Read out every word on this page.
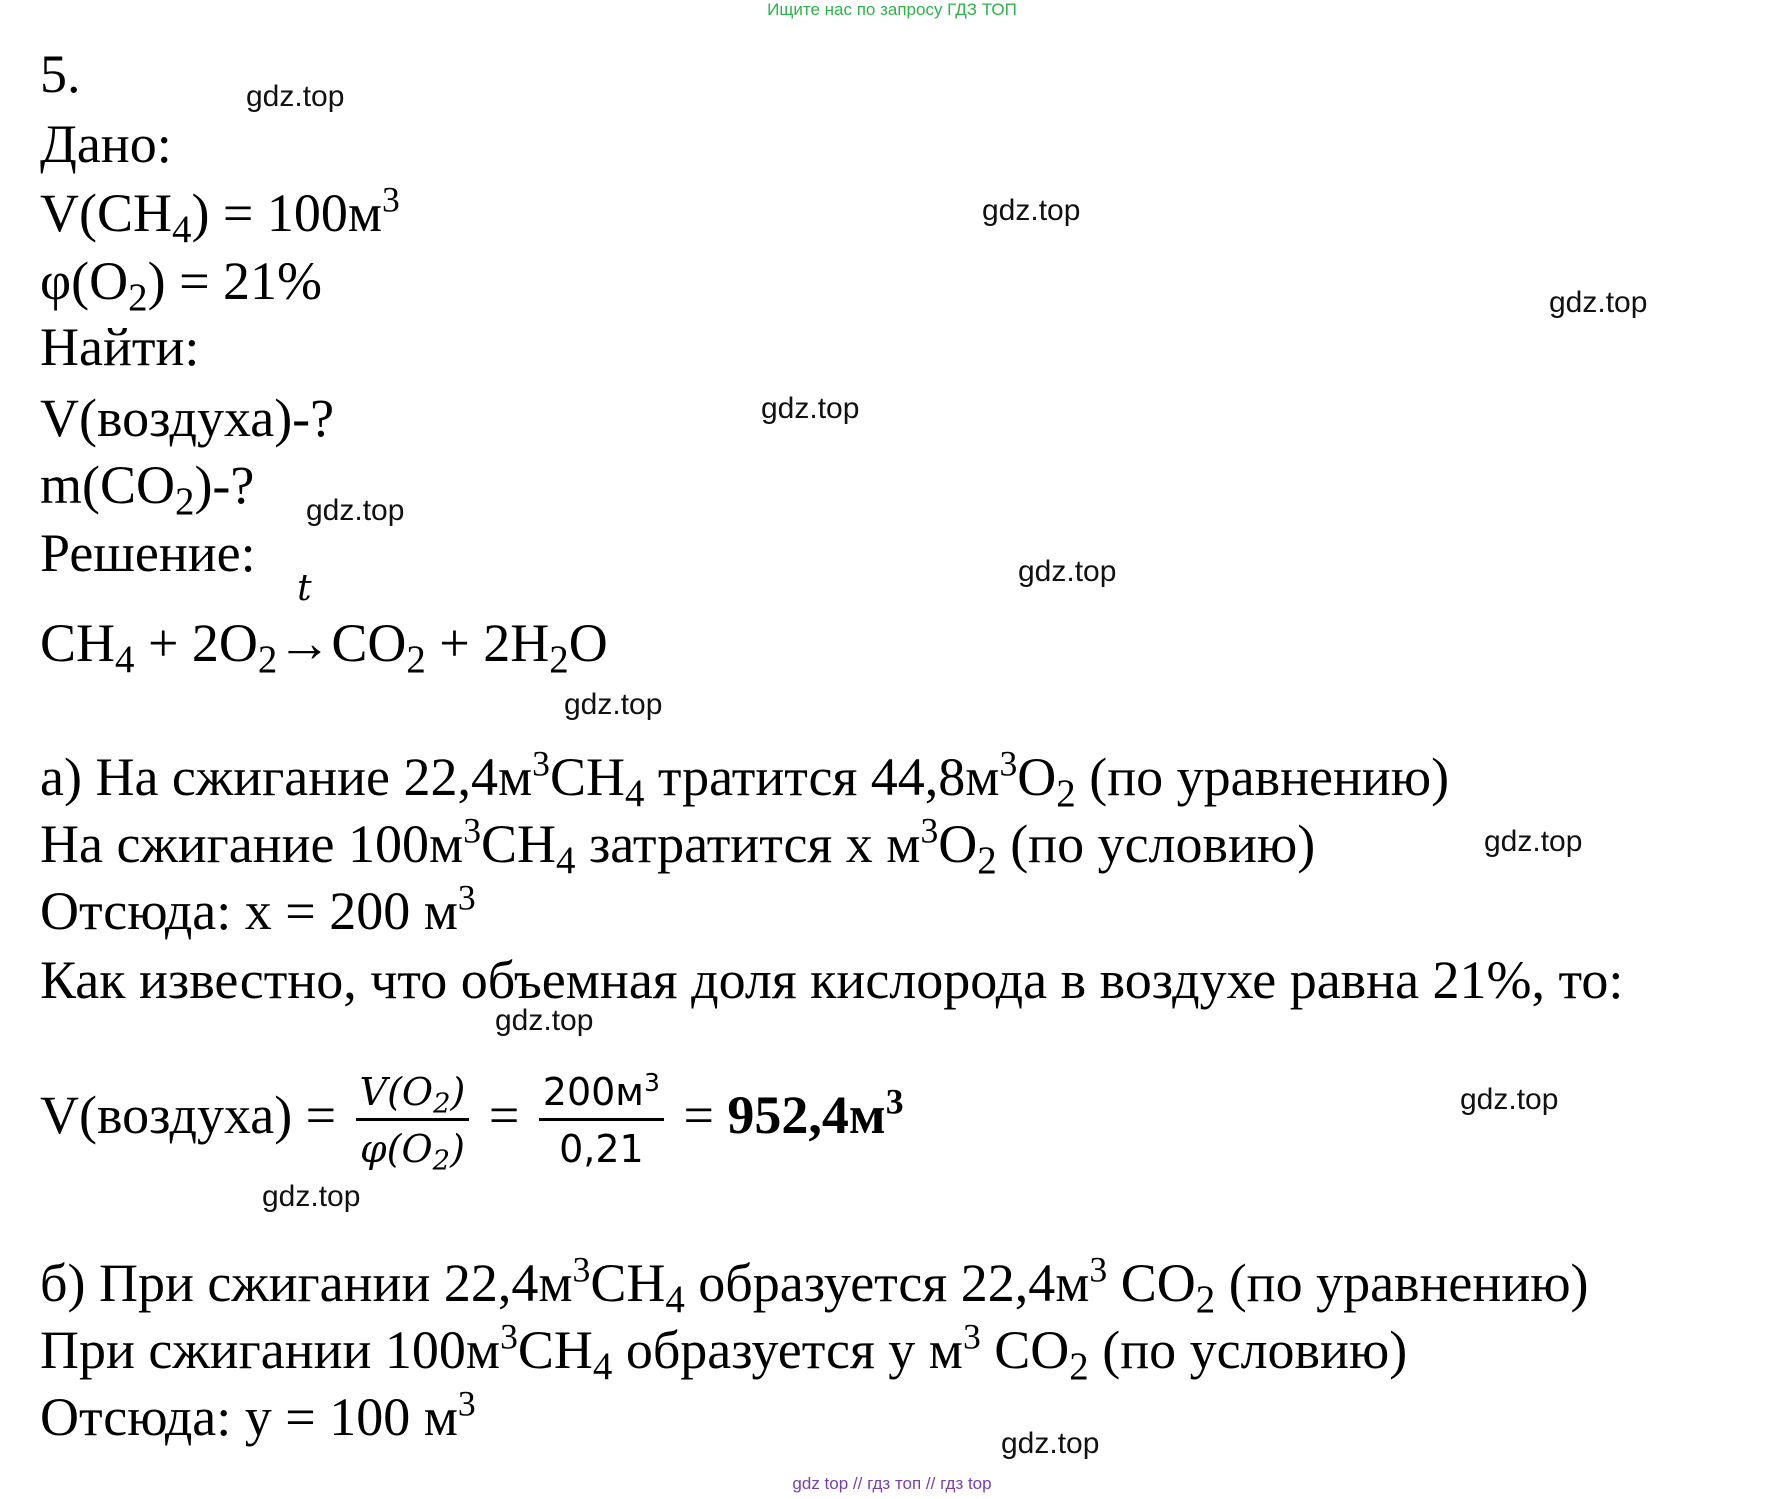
Ищите нас по запросу ГДЗ ТОП
5.
Дано:
$V(CH_4) = 100м^3$
$\varphi(O_2) = 21\%$
Найти:
V(воздуха)-?
$m(CO_2)-$?
Решение:
$CH_4 + 2O_2$
t
$\to CO_2 + 2H_2O$
а) На сжигание $22,4м^3CH_4$ тратится $44,8м^3O_2$ (по уравнению)
На сжигание $100м^3CH_4$ затратится x $м^3O_2$ (по условию)
Отсюда: x = 200 $м^3$
Как известно, что объемная доля кислорода в воздухе равна 21%, то:
V(воздуха) = $\frac{V(O_2)}{\varphi(O_2)} = \frac{200м^3}{0,21} = 952,4м^3$
б) При сжигании $22,4м^3CH_4$ образуется $22,4м^3$ $CO_2$ (по уравнению)
При сжигании $100м^3CH_4$ образуется y $м^3$ $CO_2$ (по условию)
Отсюда: y = 100 $м^3$
gdz.top
gdz.top
gdz.top
gdz.top
gdz.top
gdz.top
gdz.top
gdz.top
gdz.top
gdz.top
gdz.top
gdz.top
gdz top // гдз топ // гдз top
